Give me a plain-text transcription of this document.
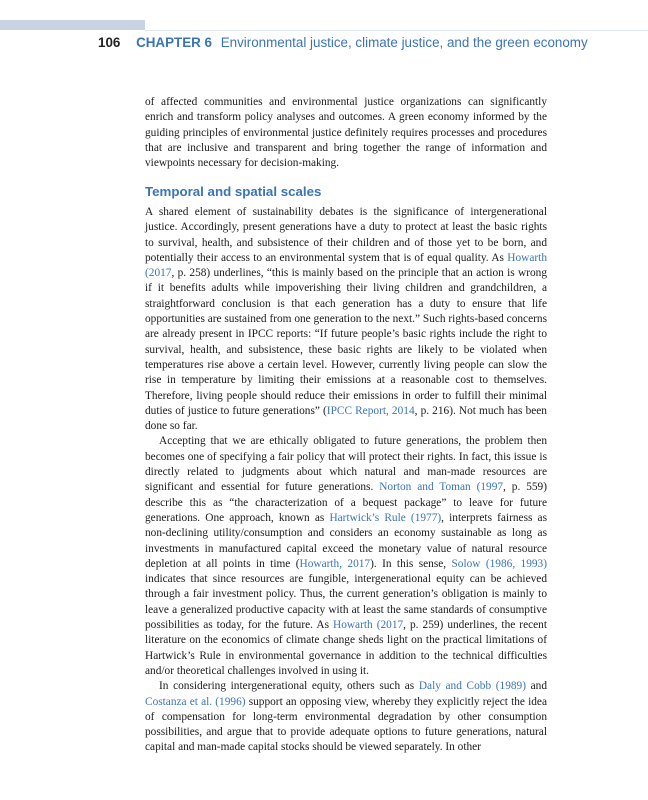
106 CHAPTER 6 Environmental justice, climate justice, and the green economy

of affected communities and environmental justice organizations can significantly enrich and transform policy analyses and outcomes. A green economy informed by the guiding principles of environmental justice definitely requires processes and procedures that are inclusive and transparent and bring together the range of information and viewpoints necessary for decision-making.

Temporal and spatial scales

A shared element of sustainability debates is the significance of intergenerational justice. Accordingly, present generations have a duty to protect at least the basic rights to survival, health, and subsistence of their children and of those yet to be born, and potentially their access to an environmental system that is of equal quality. As Howarth (2017, p. 258) underlines, “this is mainly based on the principle that an action is wrong if it benefits adults while impoverishing their living children and grandchildren, a straightforward conclusion is that each generation has a duty to ensure that life opportunities are sustained from one generation to the next.” Such rights-based concerns are already present in IPCC reports: “If future people’s basic rights include the right to survival, health, and subsistence, these basic rights are likely to be violated when temperatures rise above a certain level. However, currently living people can slow the rise in temperature by limiting their emissions at a reasonable cost to themselves. Therefore, living people should reduce their emissions in order to fulfill their minimal duties of justice to future generations” (IPCC Report, 2014, p. 216). Not much has been done so far.

Accepting that we are ethically obligated to future generations, the problem then becomes one of specifying a fair policy that will protect their rights. In fact, this issue is directly related to judgments about which natural and man-made resources are significant and essential for future generations. Norton and Toman (1997, p. 559) describe this as “the characterization of a bequest package” to leave for future generations. One approach, known as Hartwick’s Rule (1977), interprets fairness as non-declining utility/consumption and considers an economy sustainable as long as investments in manufactured capital exceed the monetary value of natural resource depletion at all points in time (Howarth, 2017). In this sense, Solow (1986, 1993) indicates that since resources are fungible, intergenerational equity can be achieved through a fair investment policy. Thus, the current generation’s obligation is mainly to leave a generalized productive capacity with at least the same standards of consumptive possibilities as today, for the future. As Howarth (2017, p. 259) underlines, the recent literature on the economics of climate change sheds light on the practical limitations of Hartwick’s Rule in environmental governance in addition to the technical difficulties and/or theoretical challenges involved in using it.

In considering intergenerational equity, others such as Daly and Cobb (1989) and Costanza et al. (1996) support an opposing view, whereby they explicitly reject the idea of compensation for long-term environmental degradation by other consumption possibilities, and argue that to provide adequate options to future generations, natural capital and man-made capital stocks should be viewed separately. In other
